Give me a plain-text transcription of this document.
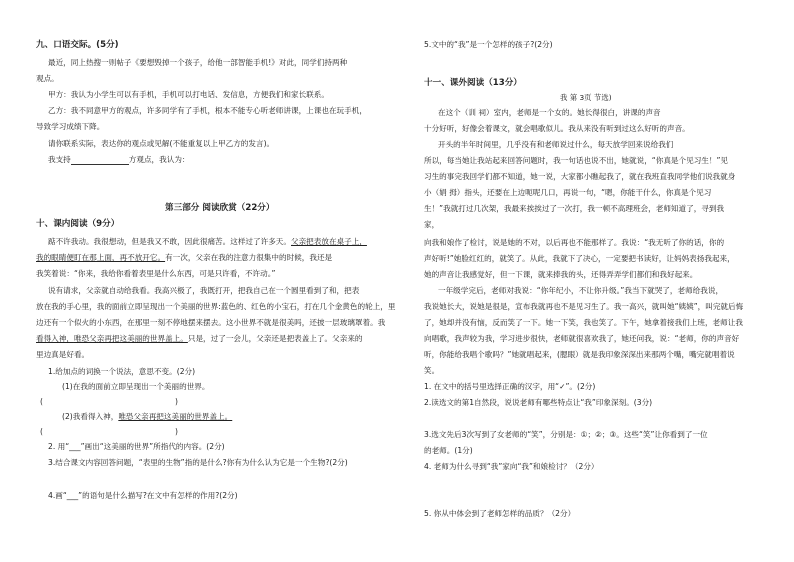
九、口语交际。(5分)
最近，同上热搜一则帖子《要想毁掉一个孩子，给他一部智能手机!》对此，同学们持两种
观点。
甲方：我认为小学生可以有手机，手机可以打电话、发信息，方便我们和家长联系。
乙方：我不同意甲方的观点，许多同学有了手机，根本不能专心听老师讲课，上课也在玩手机，
导致学习成绩下降。
请你联系实际，表达你的观点或见解(不能重复以上甲乙方的发言)。
我支持	方观点，我认为：
第三部分 阅读欣赏（22分）
十、课内阅读（9分）
踮不许我动。我很想动，但是我又不敢，因此很痛苦。这样过了许多天。父亲把表放在桌子上，
我的眼睛便盯在那上面，再不放开它。有一次，父亲在我的注意力很集中的时候，我还是
我笑着说：“你来，我给你看着表里是什么东西，可是只许看，不许动。”
说有请求，父亲就自动给我看。我高兴极了，我既打开，把我自己在一个圆里看到了和，把表
放在我的手心里，我的面前立即呈现出一个美丽的世界:蓝色的、红色的小宝石，打在几个金黄色的轮上，里
边还有一个似火的小东西，在那里一刻不停地摆来摆去。这小世界不就是很美吗，还披一层玻璃罩着。我
看得入神，唯恐父亲再把这美丽的世界盖上。只是，过了一会儿，父亲还是把表盖上了。父亲来的
里边真是好看。
1.给加点的词换一个说法，意思不变。(2分)
(1)在我的面前立即呈现出一个美丽的世界。
(	)
(2)我看得入神，唯恐父亲再把这美丽的世界盖上。
(	)
2. 用“___”画出“这美丽的世界”所指代的内容。(2分)
3.结合课文内容回答问题，“表里的生物”指的是什么?你有为什么认为它是一个生物?(2分)
4.画“___”的语句是什么描写?在文中有怎样的作用?(2分)
5.文中的“我”是一个怎样的孩子?(2分)
十一、课外阅读（13分）
我 第 3页 节选)
在这个（训 祠）室内，老师是一个女的。她长得很白，讲课的声音
十分好听，好像会着课文，就会唱歌似儿。我从来没有听到过这么好听的声音。
开头的半年时间里，几乎没有和老师说过什么，每天放学回来说给我们
所以，每当她让我站起来回答问题时，我一句话也说不出，她就说，“你真是个见习生！”见
习生的事完我回学们都不知道，她一说，大家都小瞧起我了，就在我班直我同学他们说我就身
小（娟 拇）指头，还要在上边呃呢几口，再说一句，“嗯，你能干什么，你真是个见习
生！”我就打过几次架，我最来挨挨过了一次打，我一顿不高理班会，老师知道了，寻到我
家，
向我和娘作了检讨，说是她的不对，以后再也不能那样了。我说：“我无听了你的话，你的
声好听!”她脸红红的，就笑了。从此，我就下了决心，一定要把书读好，让妈妈表扬我起来，
她的声音让我感觉好，但一下课，就来捧我的头，还得弄弄学们都们和我好起来。
一年级学完后，老师对我说：“你年纪小，不让你升级。”我当下就哭了，老师给我说，
我说她长大，说她是很是，宣布我就再也不是见习生了。我一高兴，就叫她“姨姨”，叫完就后悔
了，她却并没有恼，反而笑了一下。她一下笑，我也笑了。下午，她拿着接我们上班，老师让我
向唱歌，我声较为我，学习进步很快，老师就很喜欢我了，她还问我，说：“老师，你的声音好
听，你能给我唱个歌吗？”她就唱起来，(腮眼）就是我印象深深出来那两个嘴，嘴完就唱着说
笑。
1. 在文中的括号里选择正确的汉字，用“✓”。(2分)
2.读选文的第1自然段，说说老师有哪些特点让“我”印象深刻。(3分)
3.选文先后3次写到了女老师的“笑”，分别是：①；②；③。这些“笑”让你看到了一位
的老师。(1分)
4. 老师为什么寻到“我”家向“我”和娘检讨？（2分）
5. 你从中体会到了老师怎样的品质？（2分）
